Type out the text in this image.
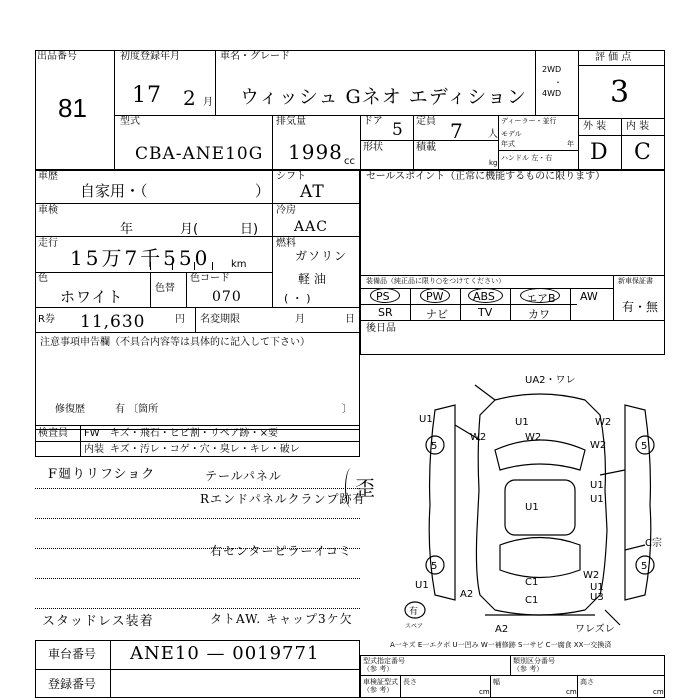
出品番号
81
初度登録年月
17 2 月
車名・グレード
ウィッシュ Gネオ エディション
2WD
4WD
・
評 価 点
3
型式
CBA-ANE10G
排気量
1998 cc
ドア 5 定員 7 人
形状	積載
kg
ディーラー・並行
モデル
年式	年
ハンドル 左・右
外 装 内 装
D C
車歴
自家用・（	）
シフト
AT
車検
年	月(	日)
冷房
AAC
走行
15万7千550 km
燃料
ガソリン
軽 油
( ・ )
色
ホワイト	色替
色コード
070
R券 11,630	円 名変期限	月	日
注意事項申告欄（不具合内容等は具体的に記入して下さい）
修復歴	有 〔箇所	〕
セールスポイント（正常に機能するものに限ります）
装備品（純正品に限り○をつけてください）	新車保証書
有・無
PS	PW	ABS	エアB AW
SR	ナビ	TV	カワ
後日品
検査員 FW キズ・飛石・ヒビ割・リペア跡・×要
内装 キズ・汚レ・コゲ・穴・臭レ・キレ・破レ
F廻りリフショク	テールパネル
Rエンドパネルクランプ跡有
歪
右センターピラーイコミ
スタッドレス装着	タトAW. キャップ3ケ欠
UA2・ワレ
U1	U1	W2
W2	W2
W2
5	5
U1
U1
U1
C宗
5	5
U1
W2
U1
A2
C1
C1	U3
有
スペア	A2	ワレズレ
A一キズ E一エクボ U一凹み W一補修跡 S一サビ C一腐食 XX一交換済
車台番号 ANE10 — 0019771
登録番号
型式指定番号
（参 考）
類別区分番号
（参 考）
車検証型式
（参 考）
長さ
cm
幅
cm
高さ
cm
